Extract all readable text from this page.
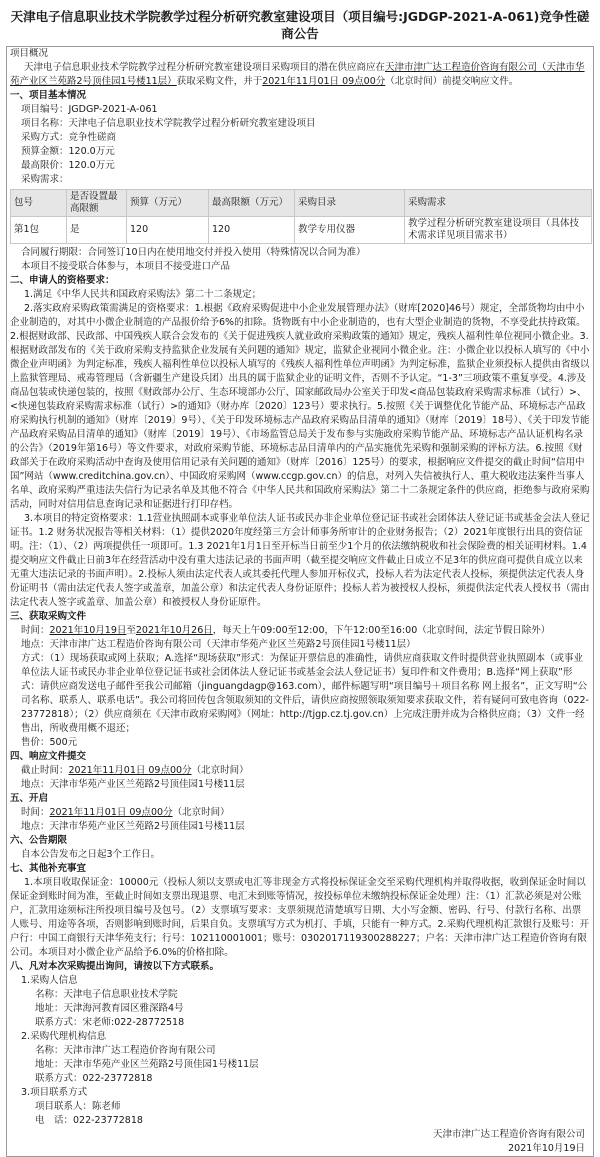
天津电子信息职业技术学院教学过程分析研究教室建设项目（项目编号:JGDGP-2021-A-061)竞争性磋商公告
项目概况

天津电子信息职业技术学院教学过程分析研究教室建设项目采购项目的潜在供应商应在天津市津广达工程造价咨询有限公司（天津市华苑产业区兰苑路2号顶佳园1号楼11层）获取采购文件，并于2021年11月01日 09点00分（北京时间）前提交响应文件。

一、项目基本情况
项目编号：JGDGP-2021-A-061
项目名称：天津电子信息职业技术学院教学过程分析研究教室建设项目
采购方式：竞争性磋商
预算金额：120.0万元
最高限价：120.0万元
采购需求：
包号	是否设置最高限额	预算（万元）	最高限额（万元）	采购目录	采购需求
第1包	是	120	120	教学专用仪器	教学过程分析研究教室建设项目（具体技术需求详见项目需求书）
合同履行期限：合同签订10日内在使用地交付并投入使用（特殊情况以合同为准）
本项目不接受联合体参与，本项目不接受进口产品
二、申请人的资格要求：

1.满足《中华人民共和国政府采购法》第二十二条规定；

2.落实政府采购政策需满足的资格要求：1.根据《政府采购促进中小企业发展管理办法》（财库[2020]46号）规定，全部货物均由中小企业制造的，对其中小微企业制造的产品报价给予6%的扣除。货物既有中小企业制造的，也有大型企业制造的货物，不享受此扶持政策。2.根据财政部、民政部、中国残疾人联合会发布的《关于促进残疾人就业政府采购政策的通知》规定，残疾人福利性单位视同小微企业。3.根据财政部发布的《关于政府采购支持监狱企业发展有关问题的通知》规定，监狱企业视同小微企业。注：小微企业以投标人填写的《中小微企业声明函》为判定标准，残疾人福利性单位以投标人填写的《残疾人福利性单位声明函》为判定标准，监狱企业须投标人提供由省级以上监狱管理局、戒毒管理局（含新疆生产建设兵团）出具的属于监狱企业的证明文件，否则不予认定。“1-3”三项政策不重复享受。4.涉及商品包装或快递包装的，按照《财政部办公厅、生态环境部办公厅、国家邮政局办公室关于印发<商品包装政府采购需求标准（试行）>、<快递包装政府采购需求标准（试行）>的通知》（财办库〔2020〕123号）要求执行。5.按照《关于调整优化节能产品、环境标志产品政府采购执行机制的通知》（财库〔2019〕9号）、《关于印发环境标志产品政府采购品目清单的通知》（财库〔2019〕18号）、《关于印发节能产品政府采购品目清单的通知》（财库〔2019〕19号）、《市场监管总局关于发布参与实施政府采购节能产品、环境标志产品认证机构名录的公告》（2019年第16号）等文件要求，对政府采购节能、环境标志品目清单内的产品实施优先采购和强制采购的评标方法。6.按照《财政部关于在政府采购活动中查询及使用信用记录有关问题的通知》（财库〔2016〕125号）的要求，根据响应文件提交的截止时间“信用中国”网站（www.creditchina.gov.cn）、中国政府采购网（www.ccgp.gov.cn）的信息，对列入失信被执行人、重大税收违法案件当事人名单、政府采购严重违法失信行为记录名单及其他不符合《中华人民共和国政府采购法》第二十二条规定条件的供应商，拒绝参与政府采购活动，同时对信用信息查询记录和证据进行打印存档。

3.本项目的特定资格要求：1.1营业执照副本或事业单位法人证书或民办非企业单位登记证书或社会团体法人登记证书或基金会法人登记证书。1.2 财务状况报告等相关材料：（1）提供2020年度经第三方会计师事务所审计的企业财务报告；（2）2021年度银行出具的资信证明。注：（1）、（2）两项提供任一项即可。1.3 2021年1月1日至开标当日前至少1个月的依法缴纳税收和社会保险费的相关证明材料。1.4 提交响应文件截止日前3年在经营活动中没有重大违法记录的书面声明（截至提交响应文件截止日成立不足3年的供应商可提供自成立以来无重大违法记录的书面声明）。2.投标人须由法定代表人或其委托代理人参加开标仪式，投标人若为法定代表人投标，须提供法定代表人身份证明书（需由法定代表人签字或盖章，加盖公章）和法定代表人身份证原件；投标人若为被授权人投标，须提供法定代表人授权书（需由法定代表人签字或盖章、加盖公章）和被授权人身份证原件。

三、获取采购文件
时间：2021年10月19日至2021年10月26日，每天上午09:00至12:00，下午12:00至16:00（北京时间，法定节假日除外）
地点：天津市津广达工程造价咨询有限公司（天津市华苑产业区兰苑路2号顶佳园1号楼11层）

方式：（1）现场获取或网上获取；A.选择“现场获取”形式：为保证开票信息的准确性，请供应商获取文件时提供营业执照副本（或事业单位法人证书或民办非企业单位登记证书或社会团体法人登记证书或基金会法人登记证书）复印件和文件费用；B.选择“网上获取”形式：请供应商发送电子邮件至我公司邮箱（jinguangdagp@163.com），邮件标题写明“项目编号＋项目名称 网上报名”，正文写明“公司名称、联系人、联系电话”。我公司将回传包含领取须知的文件后，请供应商按照领取须知要求获取文件，若有疑问可致电咨询（022-23772818）；（2）供应商须在《天津市政府采购网》（网址：http://tjgp.cz.tj.gov.cn）上完成注册并成为合格供应商；（3）文件一经售出，所收费用概不退还；

售价：500元
四、响应文件提交
截止时间：2021年11月01日 09点00分（北京时间）
地点：天津市华苑产业区兰苑路2号顶佳园1号楼11层
五、开启
时间：2021年11月01日 09点00分（北京时间）
地点：天津市华苑产业区兰苑路2号顶佳园1号楼11层
六、公告期限
自本公告发布之日起3个工作日。
七、其他补充事宜

1.本项目收取保证金：10000元（投标人须以支票或电汇等非现金方式将投标保证金交至采购代理机构并取得收据，收到保证金时间以保证金到账时间为准，至截止时间如支票出现退票、电汇未到账等情况，按投标单位未缴纳投标保证金处理）注：（1）汇款必须是对公账户，汇款用途须标注所投项目编号及包号。（2）支票填写要求：支票须规范清楚填写日期、大小写金额、密码、行号、付款行名称、出票人账号、用途等各项，否则影响到账时间，后果自负。支票填写方式为机打、手填，只能有一种方式。2.采购代理机构汇款银行及账号：开户行：中国工商银行天津华苑支行；行号：102110001001；账号：0302017119300288227；户名：天津市津广达工程造价咨询有限公司。本项目对小微企业产品给予6.0%的价格扣除。

八、凡对本次采购提出询问，请按以下方式联系。
1.采购人信息
名称：天津电子信息职业技术学院
地址：天津海河教育园区雅深路4号
联系方式：宋老师:022-28772518
2.采购代理机构信息
名称：天津市津广达工程造价咨询有限公司
地址：天津市华苑产业区兰苑路2号顶佳园1号楼11层
联系方式：022-23772818
3.项目联系方式
项目联系人：陈老师
电　话：022-23772818
天津市津广达工程造价咨询有限公司
2021年10月19日
